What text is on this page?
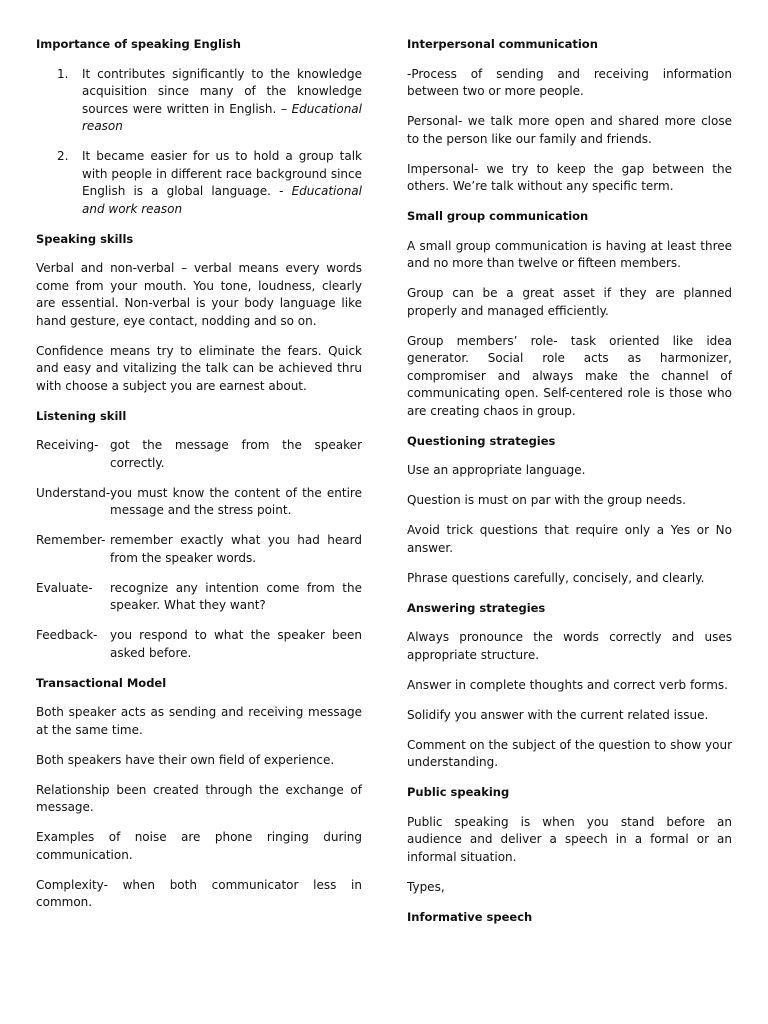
Importance of speaking English
1. It contributes significantly to the knowledge acquisition since many of the knowledge sources were written in English. – Educational reason
2. It became easier for us to hold a group talk with people in different race background since English is a global language. - Educational and work reason
Speaking skills

Verbal and non-verbal – verbal means every words come from your mouth. You tone, loudness, clearly are essential. Non-verbal is your body language like hand gesture, eye contact, nodding and so on.

Confidence means try to eliminate the fears. Quick and easy and vitalizing the talk can be achieved thru with choose a subject you are earnest about.

Listening skill
Receiving- got the message from the speaker correctly.
Understand- you must know the content of the entire message and the stress point.
Remember- remember exactly what you had heard from the speaker words.
Evaluate- recognize any intention come from the speaker. What they want?
Feedback- you respond to what the speaker been asked before.
Transactional Model

Both speaker acts as sending and receiving message at the same time.

Both speakers have their own field of experience.

Relationship been created through the exchange of message.

Examples of noise are phone ringing during communication.

Complexity- when both communicator less in common.

Interpersonal communication

-Process of sending and receiving information between two or more people.

Personal- we talk more open and shared more close to the person like our family and friends.

Impersonal- we try to keep the gap between the others. We’re talk without any specific term.

Small group communication

A small group communication is having at least three and no more than twelve or fifteen members.

Group can be a great asset if they are planned properly and managed efficiently.

Group members’ role- task oriented like idea generator. Social role acts as harmonizer, compromiser and always make the channel of communicating open. Self-centered role is those who are creating chaos in group.

Questioning strategies

Use an appropriate language.

Question is must on par with the group needs.

Avoid trick questions that require only a Yes or No answer.

Phrase questions carefully, concisely, and clearly.

Answering strategies

Always pronounce the words correctly and uses appropriate structure.

Answer in complete thoughts and correct verb forms.

Solidify you answer with the current related issue.

Comment on the subject of the question to show your understanding.

Public speaking

Public speaking is when you stand before an audience and deliver a speech in a formal or an informal situation.

Types,

Informative speech
